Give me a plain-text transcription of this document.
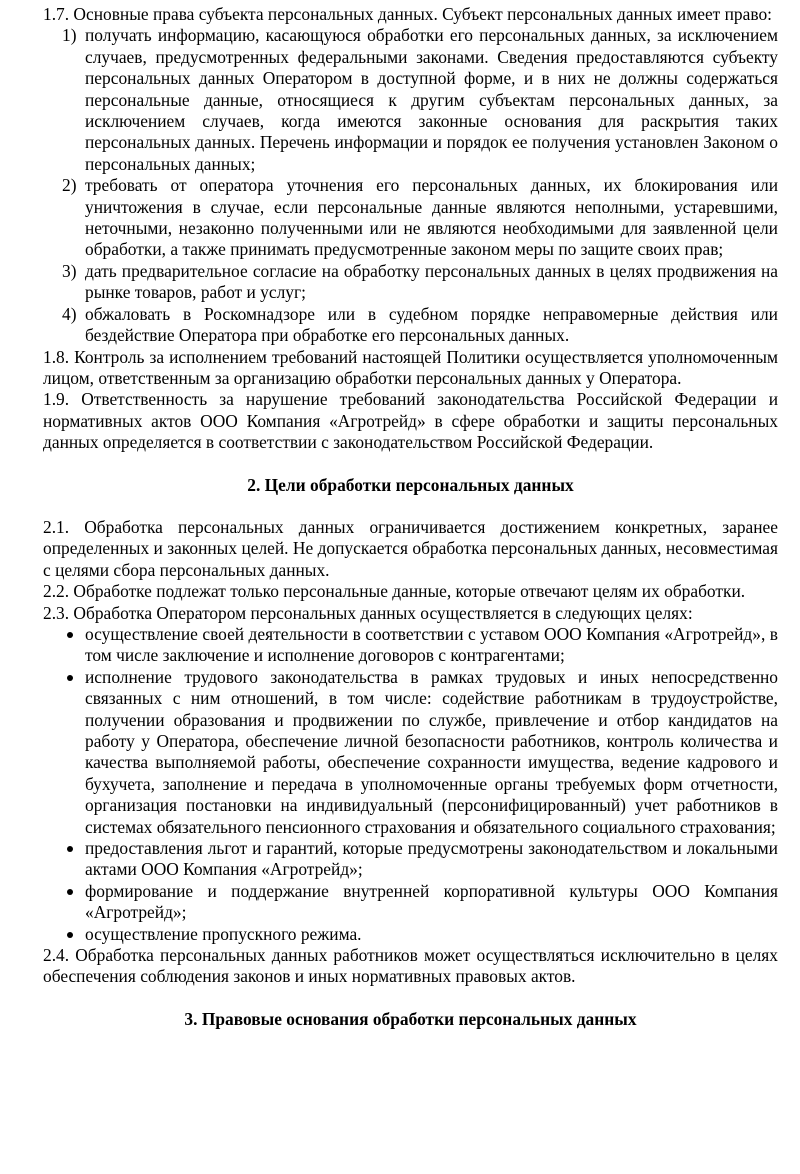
1.7. Основные права субъекта персональных данных. Субъект персональных данных имеет право:

1) получать информацию, касающуюся обработки его персональных данных, за исключением случаев, предусмотренных федеральными законами. Сведения предоставляются субъекту персональных данных Оператором в доступной форме, и в них не должны содержаться персональные данные, относящиеся к другим субъектам персональных данных, за исключением случаев, когда имеются законные основания для раскрытия таких персональных данных. Перечень информации и порядок ее получения установлен Законом о персональных данных;
2) требовать от оператора уточнения его персональных данных, их блокирования или уничтожения в случае, если персональные данные являются неполными, устаревшими, неточными, незаконно полученными или не являются необходимыми для заявленной цели обработки, а также принимать предусмотренные законом меры по защите своих прав;
3) дать предварительное согласие на обработку персональных данных в целях продвижения на рынке товаров, работ и услуг;
4) обжаловать в Роскомнадзоре или в судебном порядке неправомерные действия или бездействие Оператора при обработке его персональных данных.

1.8. Контроль за исполнением требований настоящей Политики осуществляется уполномоченным лицом, ответственным за организацию обработки персональных данных у Оператора.

1.9. Ответственность за нарушение требований законодательства Российской Федерации и нормативных актов ООО Компания «Агротрейд» в сфере обработки и защиты персональных данных определяется в соответствии с законодательством Российской Федерации.

2. Цели обработки персональных данных

2.1. Обработка персональных данных ограничивается достижением конкретных, заранее определенных и законных целей. Не допускается обработка персональных данных, несовместимая с целями сбора персональных данных.

2.2. Обработке подлежат только персональные данные, которые отвечают целям их обработки.

2.3. Обработка Оператором персональных данных осуществляется в следующих целях:

осуществление своей деятельности в соответствии с уставом ООО Компания «Агротрейд», в том числе заключение и исполнение договоров с контрагентами;
исполнение трудового законодательства в рамках трудовых и иных непосредственно связанных с ним отношений, в том числе: содействие работникам в трудоустройстве, получении образования и продвижении по службе, привлечение и отбор кандидатов на работу у Оператора, обеспечение личной безопасности работников, контроль количества и качества выполняемой работы, обеспечение сохранности имущества, ведение кадрового и бухучета, заполнение и передача в уполномоченные органы требуемых форм отчетности, организация постановки на индивидуальный (персонифицированный) учет работников в системах обязательного пенсионного страхования и обязательного социального страхования;
предоставления льгот и гарантий, которые предусмотрены законодательством и локальными актами ООО Компания «Агротрейд»;
формирование и поддержание внутренней корпоративной культуры ООО Компания «Агротрейд»;
осуществление пропускного режима.

2.4. Обработка персональных данных работников может осуществляться исключительно в целях обеспечения соблюдения законов и иных нормативных правовых актов.

3. Правовые основания обработки персональных данных
